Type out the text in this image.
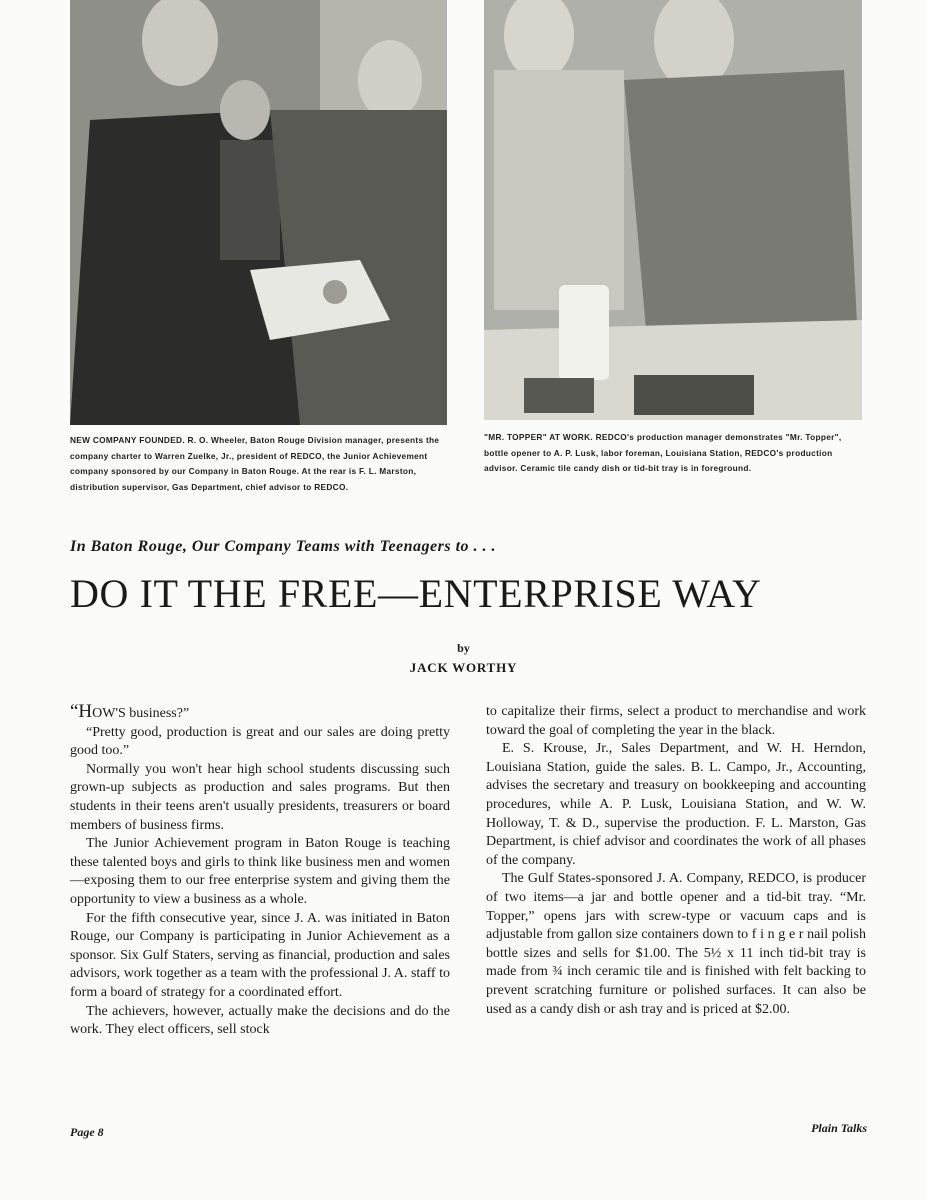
NEW COMPANY FOUNDED. R. O. Wheeler, Baton Rouge Division manager, presents the company charter to Warren Zuelke, Jr., president of REDCO, the Junior Achievement company sponsored by our Company in Baton Rouge. At the rear is F. L. Marston, distribution supervisor, Gas Department, chief advisor to REDCO.
"MR. TOPPER" AT WORK. REDCO's production manager demonstrates "Mr. Topper", bottle opener to A. P. Lusk, labor foreman, Louisiana Station, REDCO's production advisor. Ceramic tile candy dish or tid-bit tray is in foreground.
In Baton Rouge, Our Company Teams with Teenagers to . . .
DO IT THE FREE—ENTERPRISE WAY
by
JACK WORTHY

“HOW'S business?”

“Pretty good, production is great and our sales are doing pretty good too.”

Normally you won't hear high school students discussing such grown-up subjects as production and sales programs. But then students in their teens aren't usually presidents, treasurers or board members of business firms.

The Junior Achievement program in Baton Rouge is teaching these talented boys and girls to think like business men and women—exposing them to our free enterprise system and giving them the opportunity to view a business as a whole.

For the fifth consecutive year, since J. A. was initiated in Baton Rouge, our Company is participating in Junior Achievement as a sponsor. Six Gulf Staters, serving as financial, production and sales advisors, work together as a team with the professional J. A. staff to form a board of strategy for a coordinated effort.

The achievers, however, actually make the decisions and do the work. They elect officers, sell stock

to capitalize their firms, select a product to merchandise and work toward the goal of completing the year in the black.

E. S. Krouse, Jr., Sales Department, and W. H. Herndon, Louisiana Station, guide the sales. B. L. Campo, Jr., Accounting, advises the secretary and treasury on bookkeeping and accounting procedures, while A. P. Lusk, Louisiana Station, and W. W. Holloway, T. & D., supervise the production. F. L. Marston, Gas Department, is chief advisor and coordinates the work of all phases of the company.

The Gulf States-sponsored J. A. Company, REDCO, is producer of two items—a jar and bottle opener and a tid-bit tray. “Mr. Topper,” opens jars with screw-type or vacuum caps and is adjustable from gallon size containers down to f i n g e r nail polish bottle sizes and sells for $1.00. The 5½ x 11 inch tid-bit tray is made from ¾ inch ceramic tile and is finished with felt backing to prevent scratching furniture or polished surfaces. It can also be used as a candy dish or ash tray and is priced at $2.00.

Page 8	Plain Talks
